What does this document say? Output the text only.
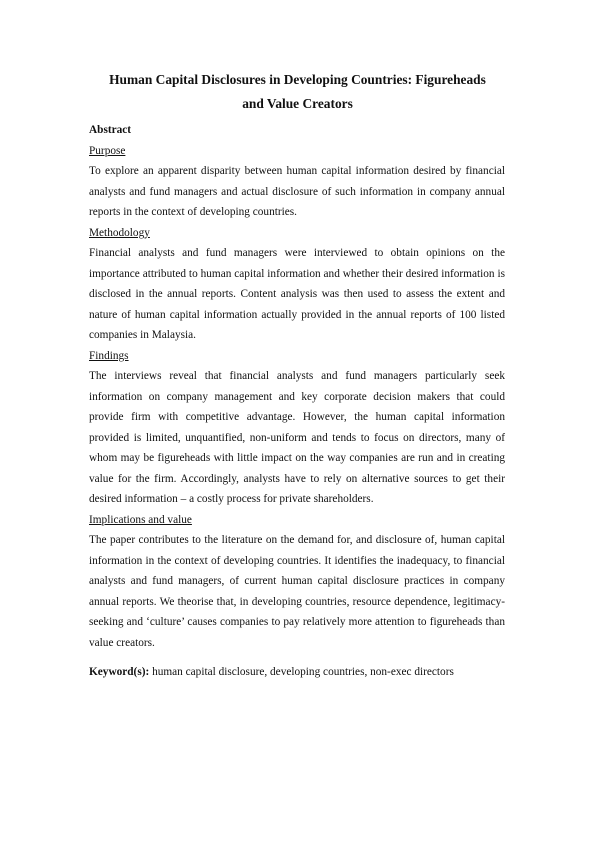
Human Capital Disclosures in Developing Countries: Figureheads
and Value Creators

Abstract

Purpose

To explore an apparent disparity between human capital information desired by financial analysts and fund managers and actual disclosure of such information in company annual reports in the context of developing countries.

Methodology

Financial analysts and fund managers were interviewed to obtain opinions on the importance attributed to human capital information and whether their desired information is disclosed in the annual reports. Content analysis was then used to assess the extent and nature of human capital information actually provided in the annual reports of 100 listed companies in Malaysia.

Findings

The interviews reveal that financial analysts and fund managers particularly seek information on company management and key corporate decision makers that could provide firm with competitive advantage. However, the human capital information provided is limited, unquantified, non-uniform and tends to focus on directors, many of whom may be figureheads with little impact on the way companies are run and in creating value for the firm. Accordingly, analysts have to rely on alternative sources to get their desired information – a costly process for private shareholders.

Implications and value

The paper contributes to the literature on the demand for, and disclosure of, human capital information in the context of developing countries. It identifies the inadequacy, to financial analysts and fund managers, of current human capital disclosure practices in company annual reports. We theorise that, in developing countries, resource dependence, legitimacy-seeking and ‘culture’ causes companies to pay relatively more attention to figureheads than value creators.

Keyword(s): human capital disclosure, developing countries, non-exec directors
